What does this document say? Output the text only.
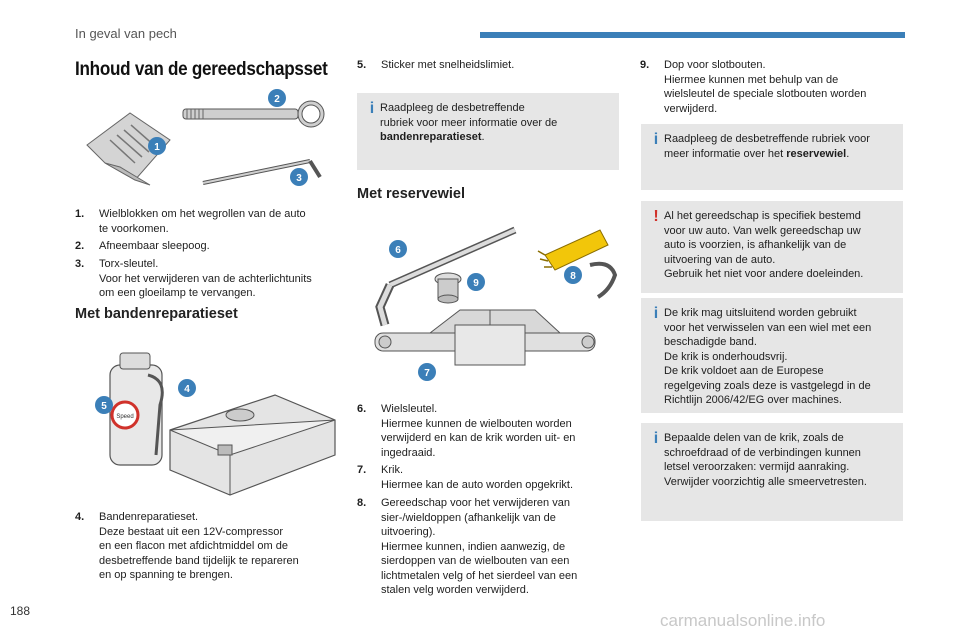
In geval van pech
Inhoud van de gereedschapsset
2
1
3
1. Wielblokken om het wegrollen van de auto
te voorkomen.
2. Afneembaar sleepoog.
3. Torx-sleutel.
Voor het verwijderen van de achterlichtunits
om een gloeilamp te vervangen.
Met bandenreparatieset
Speed
4
5
4. Bandenreparatieset.
Deze bestaat uit een 12V-compressor
en een flacon met afdichtmiddel om de
desbetreffende band tijdelijk te repareren
en op spanning te brengen.
5. Sticker met snelheidslimiet.
i Raadpleeg de desbetreffende
rubriek voor meer informatie over de
bandenreparatieset.
Met reservewiel
6
9
8
7
6. Wielsleutel.
Hiermee kunnen de wielbouten worden
verwijderd en kan de krik worden uit- en
ingedraaid.
7. Krik.
Hiermee kan de auto worden opgekrikt.
8. Gereedschap voor het verwijderen van
sier-/wieldoppen (afhankelijk van de
uitvoering).
Hiermee kunnen, indien aanwezig, de
sierdoppen van de wielbouten van een
lichtmetalen velg of het sierdeel van een
stalen velg worden verwijderd.
9. Dop voor slotbouten.
Hiermee kunnen met behulp van de
wielsleutel de speciale slotbouten worden
verwijderd.
i Raadpleeg de desbetreffende rubriek voor
meer informatie over het reservewiel.
! Al het gereedschap is specifiek bestemd
voor uw auto. Van welk gereedschap uw
auto is voorzien, is afhankelijk van de
uitvoering van de auto.
Gebruik het niet voor andere doeleinden.
i De krik mag uitsluitend worden gebruikt
voor het verwisselen van een wiel met een
beschadigde band.
De krik is onderhoudsvrij.
De krik voldoet aan de Europese
regelgeving zoals deze is vastgelegd in de
Richtlijn 2006/42/EG over machines.
i Bepaalde delen van de krik, zoals de
schroefdraad of de verbindingen kunnen
letsel veroorzaken: vermijd aanraking.
Verwijder voorzichtig alle smeervetresten.
188	carmanualsonline.info
